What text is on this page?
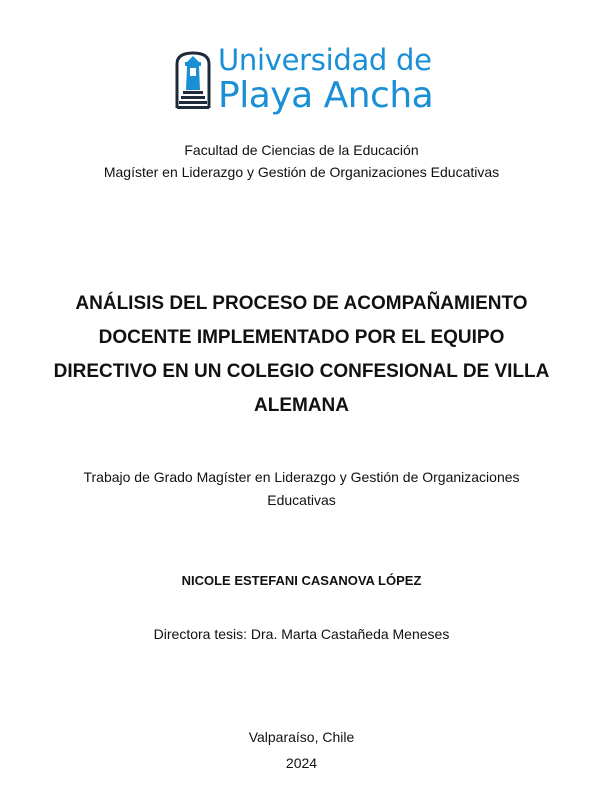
Universidad de
Playa Ancha
Facultad de Ciencias de la Educación
Magíster en Liderazgo y Gestión de Organizaciones Educativas
ANÁLISIS DEL PROCESO DE ACOMPAÑAMIENTO
DOCENTE IMPLEMENTADO POR EL EQUIPO
DIRECTIVO EN UN COLEGIO CONFESIONAL DE VILLA
ALEMANA
Trabajo de Grado Magíster en Liderazgo y Gestión de Organizaciones
Educativas
NICOLE ESTEFANI CASANOVA LÓPEZ
Directora tesis: Dra. Marta Castañeda Meneses
Valparaíso, Chile
2024
